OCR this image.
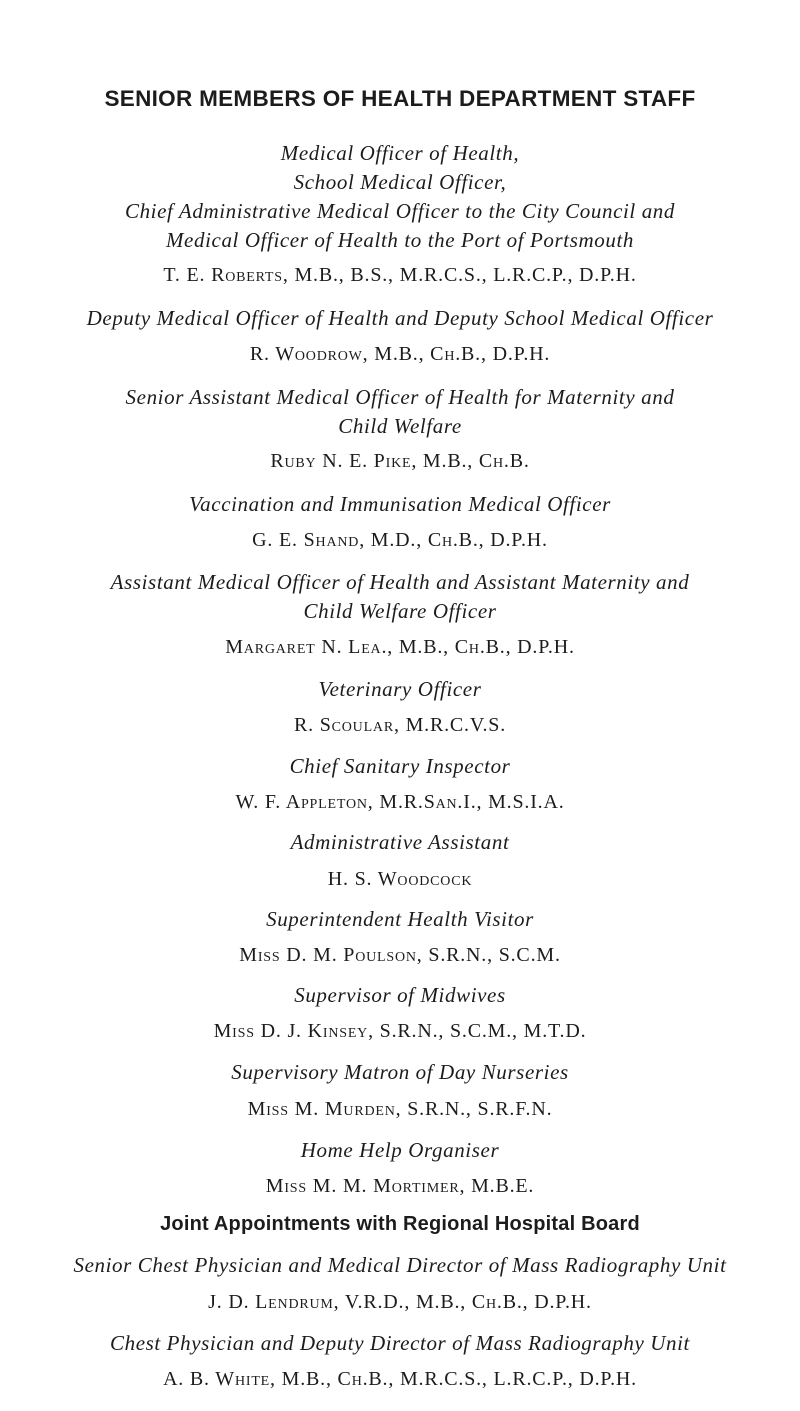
SENIOR MEMBERS OF HEALTH DEPARTMENT STAFF
Medical Officer of Health,
School Medical Officer,
Chief Administrative Medical Officer to the City Council and
Medical Officer of Health to the Port of Portsmouth
T. E. Roberts, M.B., B.S., M.R.C.S., L.R.C.P., D.P.H.
Deputy Medical Officer of Health and Deputy School Medical Officer
R. Woodrow, M.B., Ch.B., D.P.H.
Senior Assistant Medical Officer of Health for Maternity and
Child Welfare
Ruby N. E. Pike, M.B., Ch.B.
Vaccination and Immunisation Medical Officer
G. E. Shand, M.D., Ch.B., D.P.H.
Assistant Medical Officer of Health and Assistant Maternity and
Child Welfare Officer
Margaret N. Lea., M.B., Ch.B., D.P.H.
Veterinary Officer
R. Scoular, M.R.C.V.S.
Chief Sanitary Inspector
W. F. Appleton, M.R.San.I., M.S.I.A.
Administrative Assistant
H. S. Woodcock
Superintendent Health Visitor
Miss D. M. Poulson, S.R.N., S.C.M.
Supervisor of Midwives
Miss D. J. Kinsey, S.R.N., S.C.M., M.T.D.
Supervisory Matron of Day Nurseries
Miss M. Murden, S.R.N., S.R.F.N.
Home Help Organiser
Miss M. M. Mortimer, M.B.E.
Joint Appointments with Regional Hospital Board
Senior Chest Physician and Medical Director of Mass Radiography Unit
J. D. Lendrum, V.R.D., M.B., Ch.B., D.P.H.
Chest Physician and Deputy Director of Mass Radiography Unit
A. B. White, M.B., Ch.B., M.R.C.S., L.R.C.P., D.P.H.
